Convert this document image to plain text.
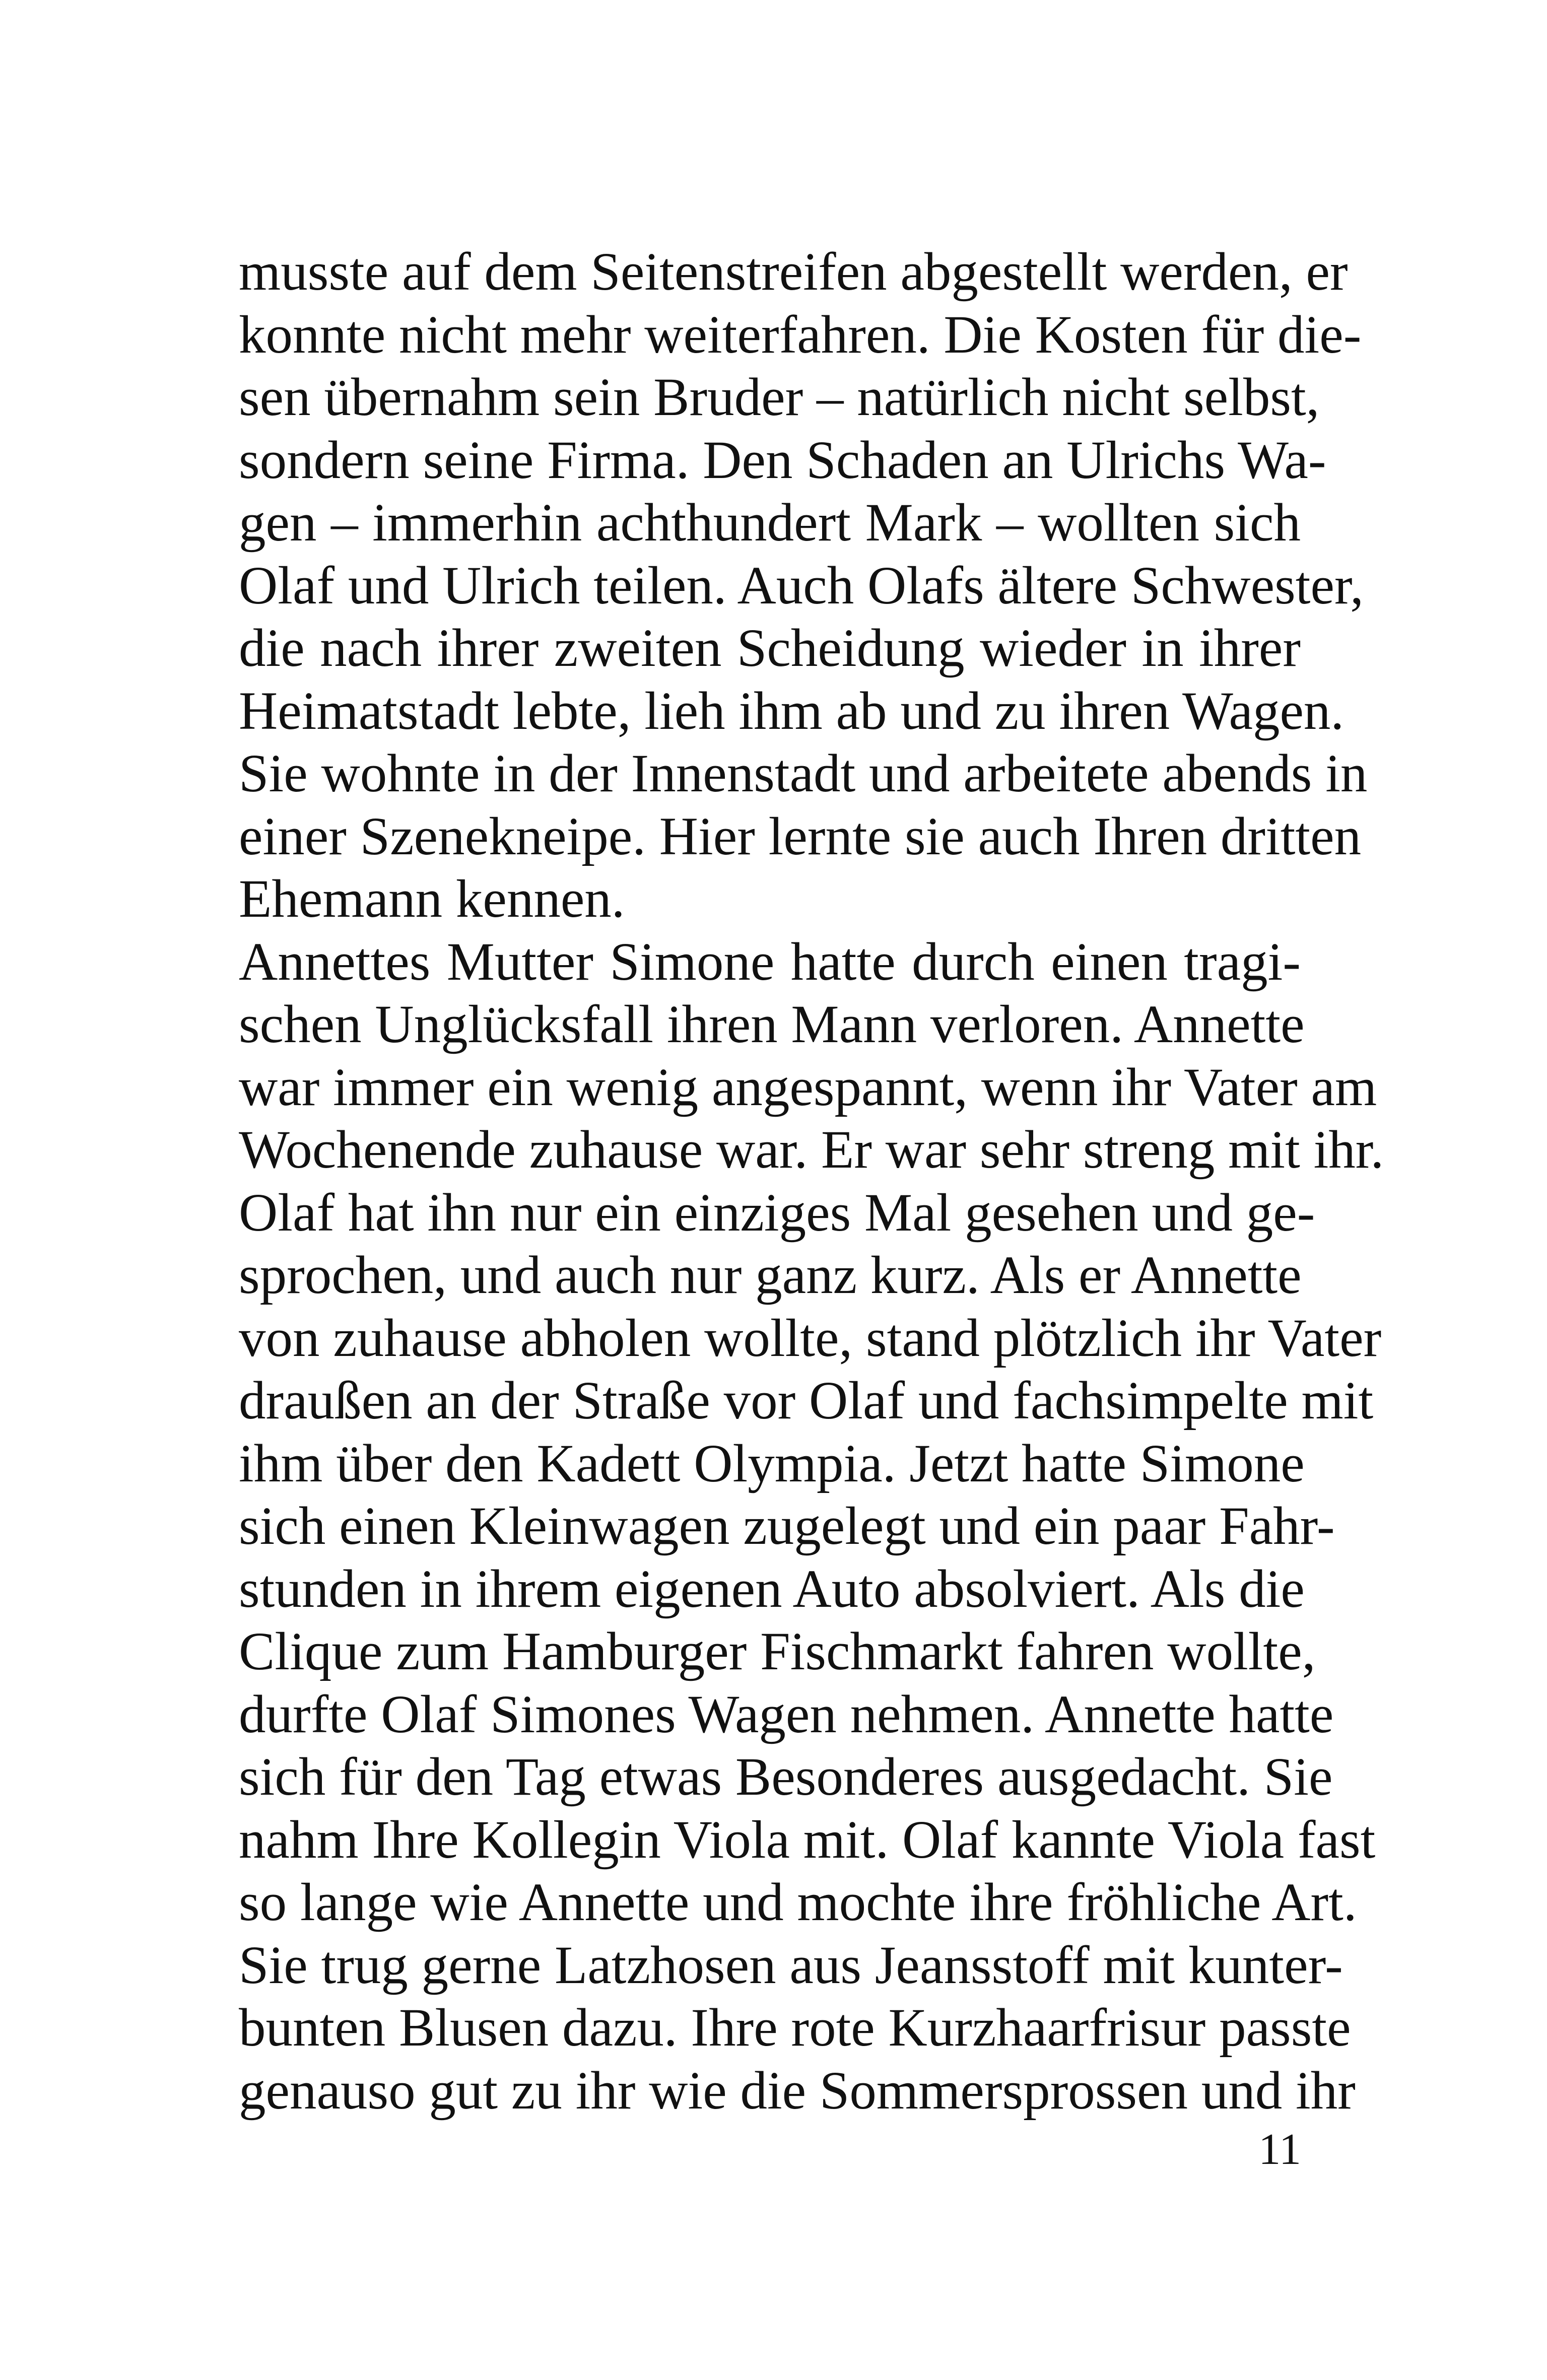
musste auf dem Seitenstreifen abgestellt werden, er
konnte nicht mehr weiterfahren. Die Kosten für die-
sen übernahm sein Bruder – natürlich nicht selbst,
sondern seine Firma. Den Schaden an Ulrichs Wa-
gen – immerhin achthundert Mark – wollten sich
Olaf und Ulrich teilen. Auch Olafs ältere Schwester,
die nach ihrer zweiten Scheidung wieder in ihrer
Heimatstadt lebte, lieh ihm ab und zu ihren Wagen.
Sie wohnte in der Innenstadt und arbeitete abends in
einer Szenekneipe. Hier lernte sie auch Ihren dritten
Ehemann kennen.
Annettes Mutter Simone hatte durch einen tragi-
schen Unglücksfall ihren Mann verloren. Annette
war immer ein wenig angespannt, wenn ihr Vater am
Wochenende zuhause war. Er war sehr streng mit ihr.
Olaf hat ihn nur ein einziges Mal gesehen und ge-
sprochen, und auch nur ganz kurz. Als er Annette
von zuhause abholen wollte, stand plötzlich ihr Vater
draußen an der Straße vor Olaf und fachsimpelte mit
ihm über den Kadett Olympia. Jetzt hatte Simone
sich einen Kleinwagen zugelegt und ein paar Fahr-
stunden in ihrem eigenen Auto absolviert. Als die
Clique zum Hamburger Fischmarkt fahren wollte,
durfte Olaf Simones Wagen nehmen. Annette hatte
sich für den Tag etwas Besonderes ausgedacht. Sie
nahm Ihre Kollegin Viola mit. Olaf kannte Viola fast
so lange wie Annette und mochte ihre fröhliche Art.
Sie trug gerne Latzhosen aus Jeansstoff mit kunter-
bunten Blusen dazu. Ihre rote Kurzhaarfrisur passte
genauso gut zu ihr wie die Sommersprossen und ihr
11
